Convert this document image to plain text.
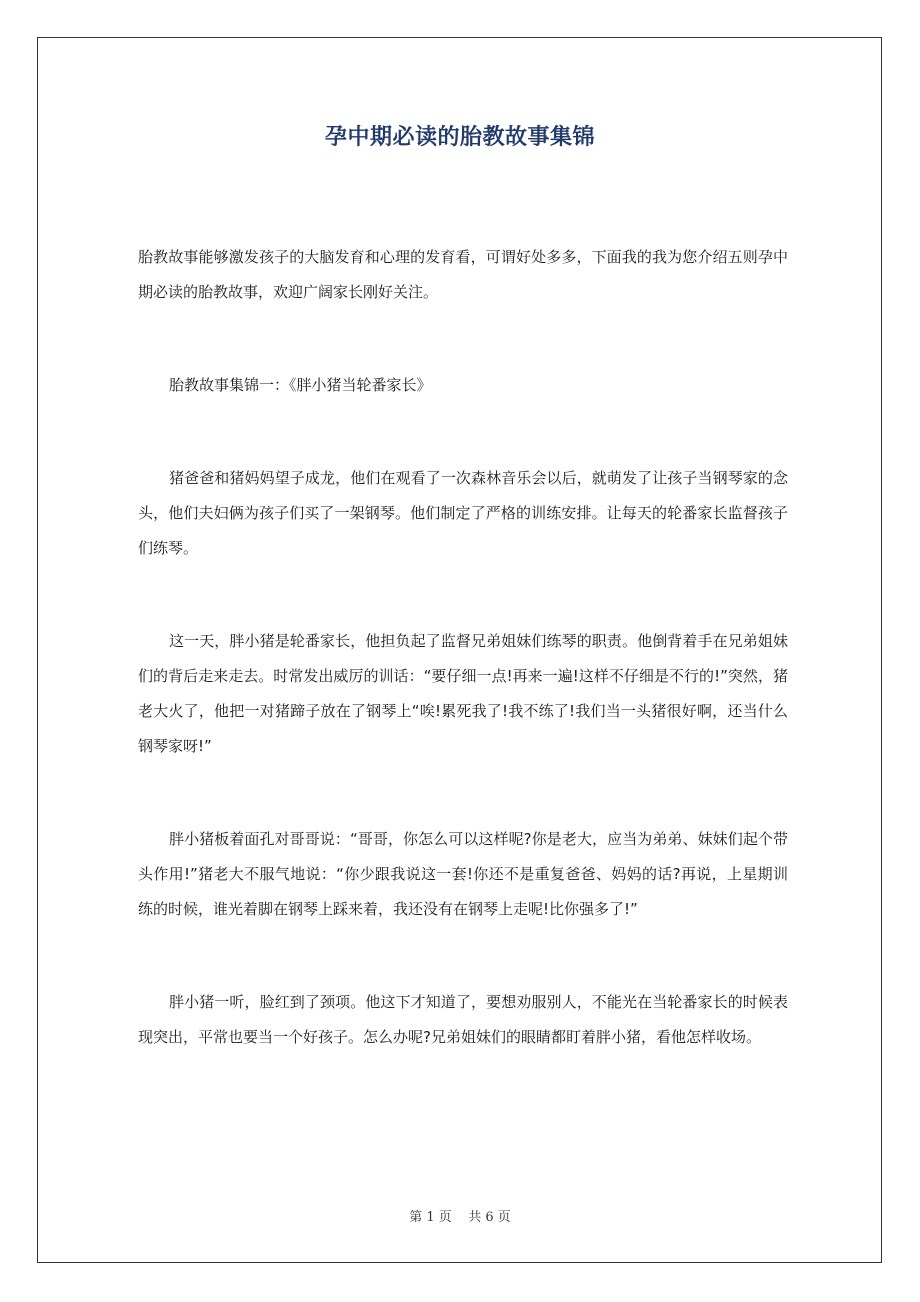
孕中期必读的胎教故事集锦

胎教故事能够激发孩子的大脑发育和心理的发育看，可谓好处多多，下面我的我为您介绍五则孕中期必读的胎教故事，欢迎广阔家长刚好关注。

胎教故事集锦一：《胖小猪当轮番家长》

猪爸爸和猪妈妈望子成龙，他们在观看了一次森林音乐会以后，就萌发了让孩子当钢琴家的念头，他们夫妇俩为孩子们买了一架钢琴。他们制定了严格的训练安排。让每天的轮番家长监督孩子们练琴。

这一天，胖小猪是轮番家长，他担负起了监督兄弟姐妹们练琴的职责。他倒背着手在兄弟姐妹们的背后走来走去。时常发出威厉的训话：“要仔细一点!再来一遍!这样不仔细是不行的!”突然，猪老大火了，他把一对猪蹄子放在了钢琴上“唉!累死我了!我不练了!我们当一头猪很好啊，还当什么钢琴家呀!”

胖小猪板着面孔对哥哥说：“哥哥，你怎么可以这样呢?你是老大，应当为弟弟、妹妹们起个带头作用!”猪老大不服气地说：“你少跟我说这一套!你还不是重复爸爸、妈妈的话?再说，上星期训练的时候，谁光着脚在钢琴上踩来着，我还没有在钢琴上走呢!比你强多了!”

胖小猪一听，脸红到了颈项。他这下才知道了，要想劝服别人，不能光在当轮番家长的时候表现突出，平常也要当一个好孩子。怎么办呢?兄弟姐妹们的眼睛都盯着胖小猪，看他怎样收场。

第 1 页 共 6 页
